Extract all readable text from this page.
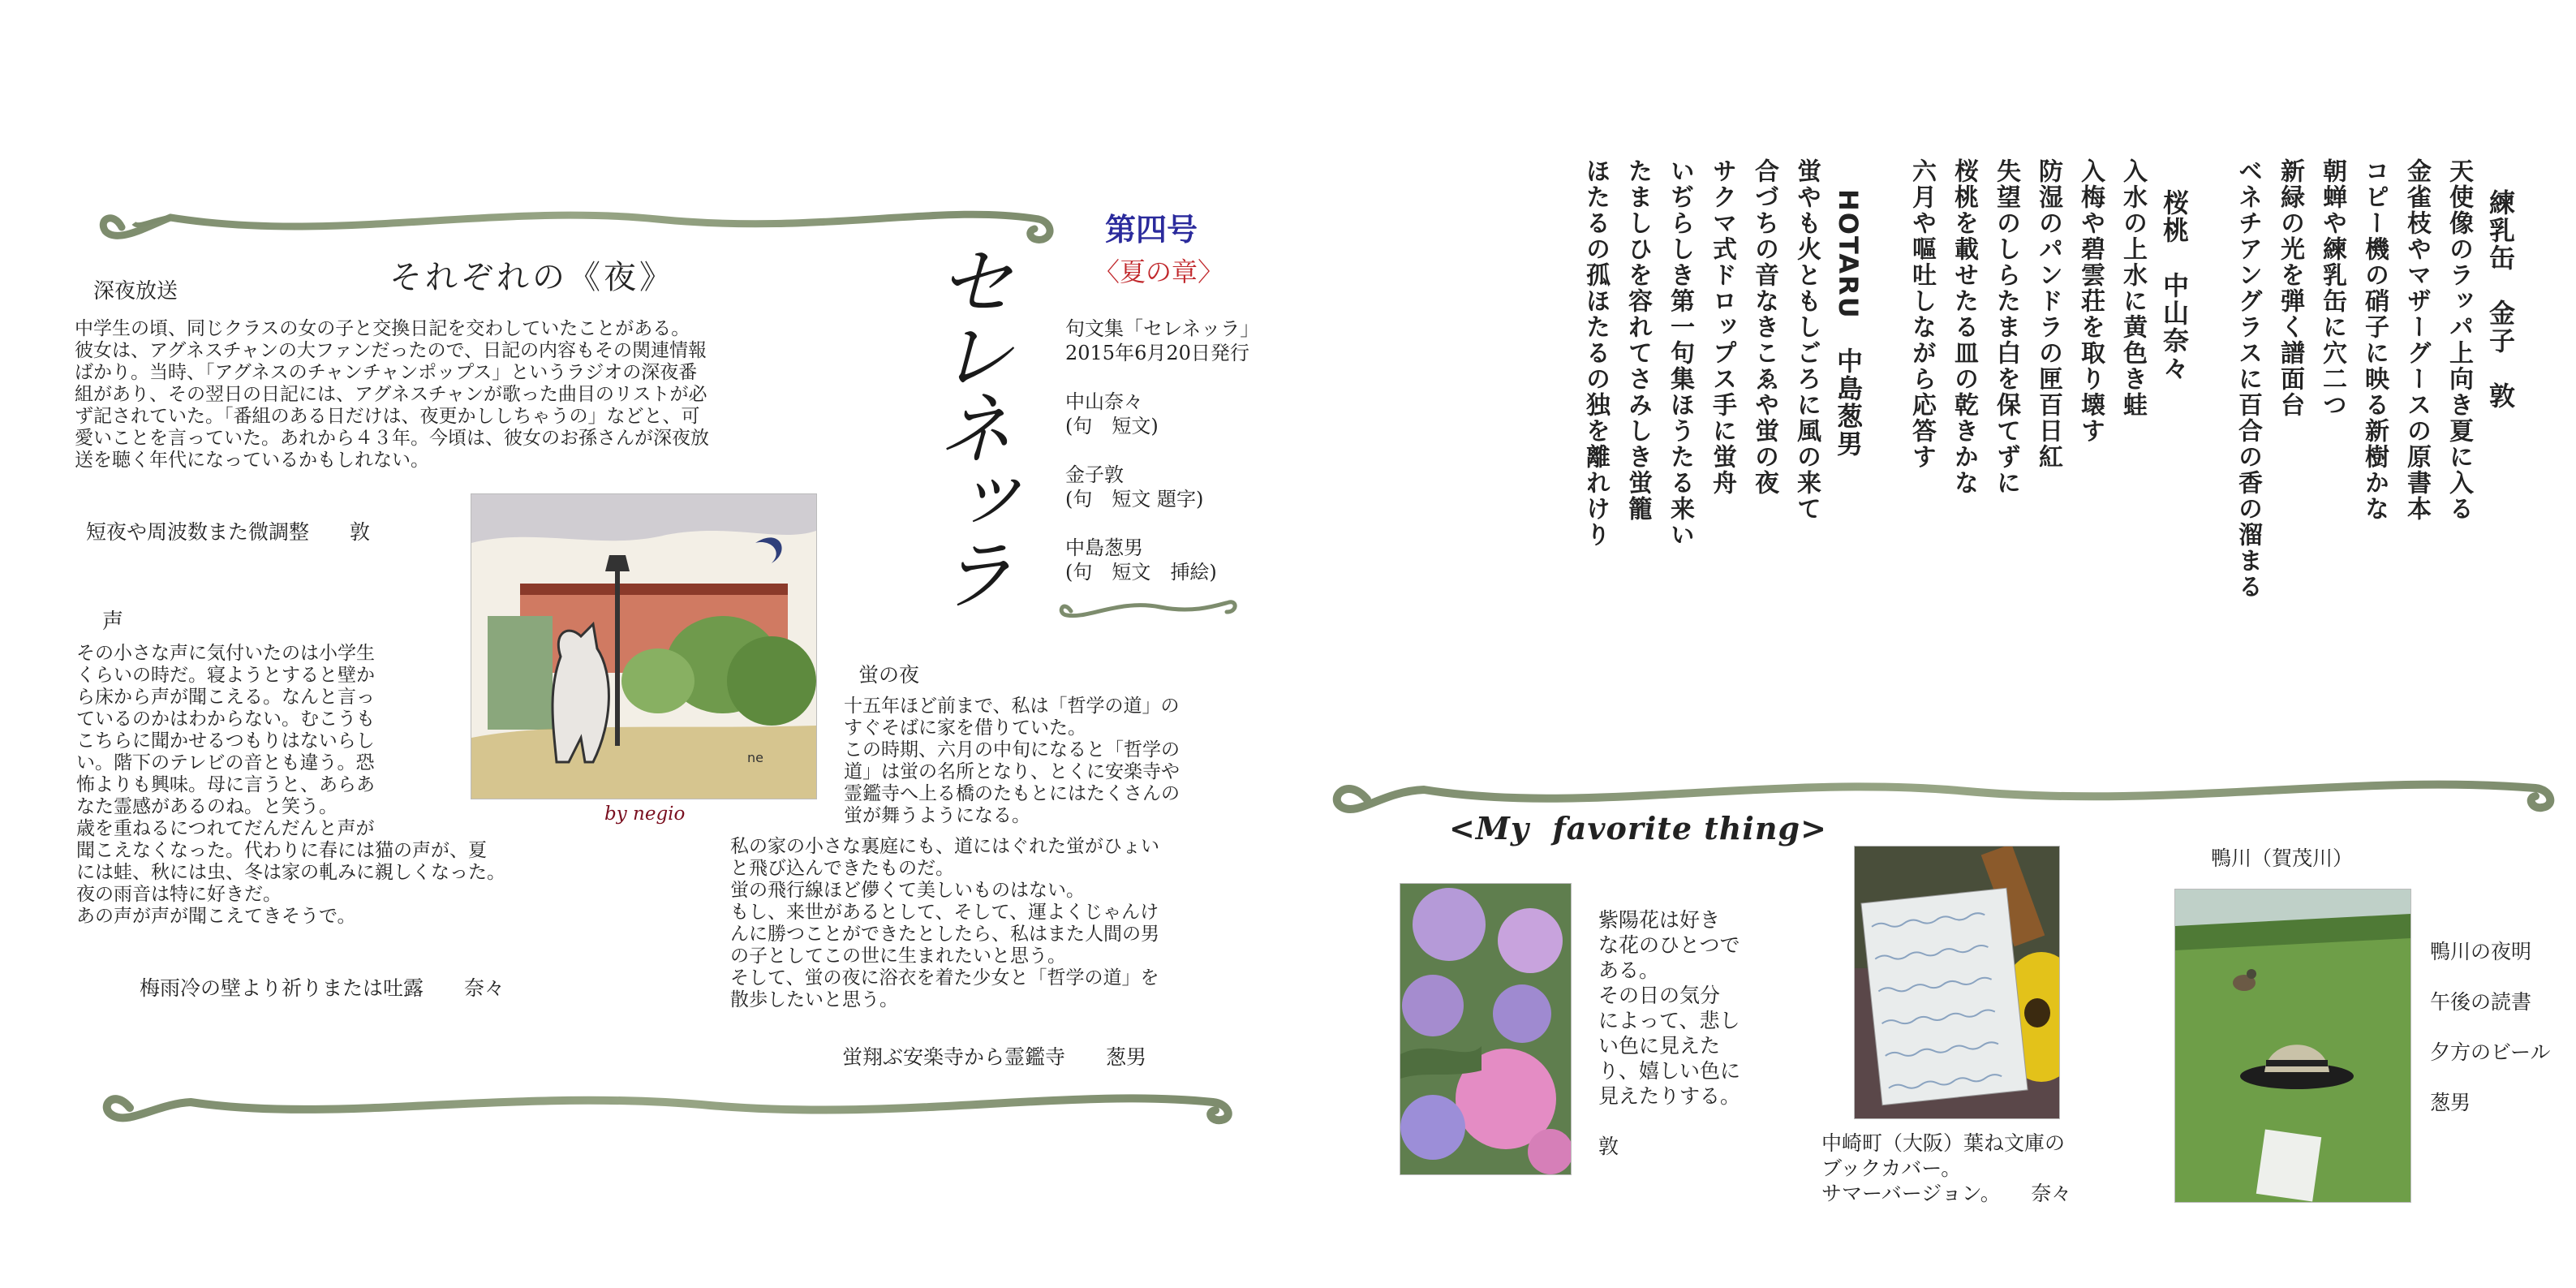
それぞれの《夜》
深夜放送

中学生の頃、同じクラスの女の子と交換日記を交わしていたことがある。

彼女は、アグネスチャンの大ファンだったので、日記の内容もその関連情報

ばかり。当時、「アグネスのチャンチャンポップス」というラジオの深夜番

組があり、その翌日の日記には、アグネスチャンが歌った曲目のリストが必

ず記されていた。「番組のある日だけは、夜更かししちゃうの」などと、可

愛いことを言っていた。あれから４３年。今頃は、彼女のお孫さんが深夜放

送を聴く年代になっているかもしれない。

短夜や周波数また微調整　　敦
ne
by negio
声

その小さな声に気付いたのは小学生

くらいの時だ。寝ようとすると壁か

ら床から声が聞こえる。なんと言っ

ているのかはわからない。むこうも

こちらに聞かせるつもりはないらし

い。階下のテレビの音とも違う。恐

怖よりも興味。母に言うと、あらあ

なた霊感があるのね。と笑う。

歳を重ねるにつれてだんだんと声が

聞こえなくなった。代わりに春には猫の声が、夏

には蛙、秋には虫、冬は家の軋みに親しくなった。

夜の雨音は特に好きだ。

あの声が声が聞こえてきそうで。

梅雨冷の壁より祈りまたは吐露　　奈々
蛍の夜

十五年ほど前まで、私は「哲学の道」の

すぐそばに家を借りていた。

この時期、六月の中旬になると「哲学の

道」は蛍の名所となり、とくに安楽寺や

霊鑑寺へ上る橋のたもとにはたくさんの

蛍が舞うようになる。

私の家の小さな裏庭にも、道にはぐれた蛍がひょい

と飛び込んできたものだ。

蛍の飛行線ほど儚くて美しいものはない。

もし、来世があるとして、そして、運よくじゃんけ

んに勝つことができたとしたら、私はまた人間の男

の子としてこの世に生まれたいと思う。

そして、蛍の夜に浴衣を着た少女と「哲学の道」を

散歩したいと思う。

蛍翔ぶ安楽寺から霊鑑寺　　葱男
セレネッラ
第四号
〈夏の章〉
句文集「セレネッラ」
2015年6月20日発行
中山奈々
(句　短文)
金子敦
(句　短文 題字)
中島葱男
(句　短文　挿絵)
練乳缶　金子　敦
天使像のラッパ上向き夏に入る
金雀枝やマザーグースの原書本
コピー機の硝子に映る新樹かな
朝蝉や練乳缶に穴二つ
新緑の光を弾く譜面台
ベネチアングラスに百合の香の溜まる
桜桃　中山奈々
入水の上水に黄色き蛙
入梅や碧雲荘を取り壊す
防湿のパンドラの匣百日紅
失望のしらたま白を保てずに
桜桃を載せたる皿の乾きかな
六月や嘔吐しながら応答す
HOTARU　中島葱男
蛍やも火ともしごろに風の来て
合づちの音なきこゑや蛍の夜
サクマ式ドロップス手に蛍舟
いぢらしき第一句集ほうたる来い
たましひを容れてさみしき蛍籠
ほたるの孤ほたるの独を離れけり
<My  favorite thing>
紫陽花は好き
な花のひとつで
ある。
その日の気分
によって、悲し
い色に見えた
り、嬉しい色に
見えたりする。
敦	中崎町（大阪）葉ね文庫の
ブックカバー。
サマーバージョン。　　奈々
鴨川（賀茂川）
鴨川の夜明
午後の読書
夕方のビール
葱男
